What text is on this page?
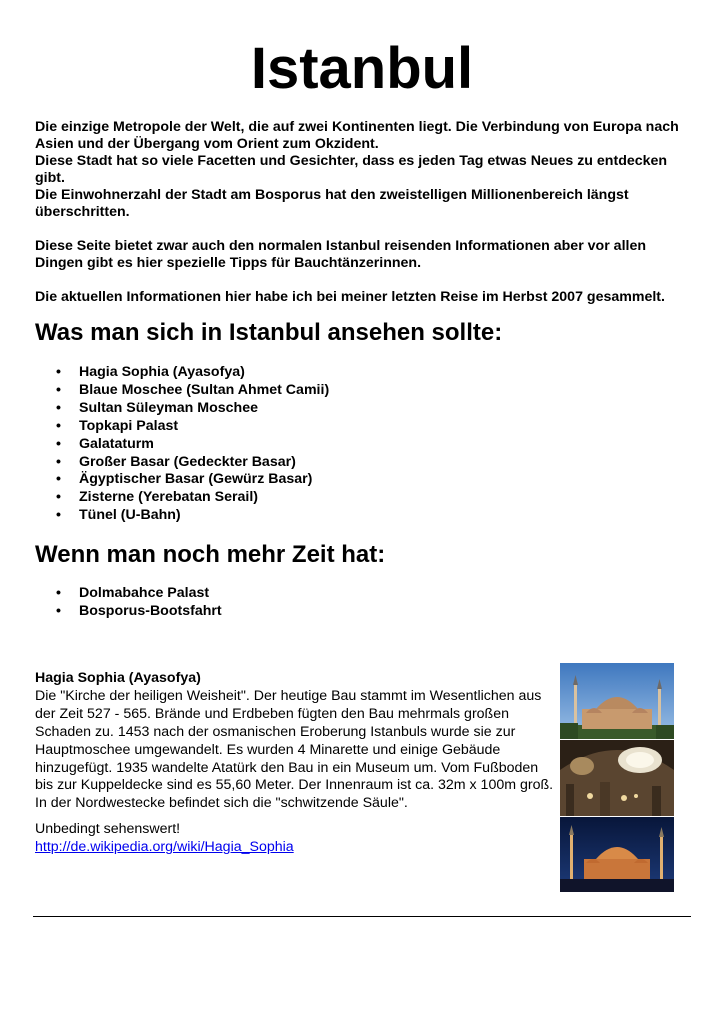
Istanbul

Die einzige Metropole der Welt, die auf zwei Kontinenten liegt. Die Verbindung von Europa nach Asien und der Übergang vom Orient zum Okzident.

Diese Stadt hat so viele Facetten und Gesichter, dass es jeden Tag etwas Neues zu entdecken gibt.

Die Einwohnerzahl der Stadt am Bosporus hat den zweistelligen Millionenbereich längst überschritten.

Diese Seite bietet zwar auch den normalen Istanbul reisenden Informationen aber vor allen Dingen gibt es hier spezielle Tipps für Bauchtänzerinnen.

Die aktuellen Informationen hier habe ich bei meiner letzten Reise im Herbst 2007 gesammelt.

Was man sich in Istanbul ansehen sollte:
• Hagia Sophia (Ayasofya)
• Blaue Moschee (Sultan Ahmet Camii)
• Sultan Süleyman Moschee
• Topkapi Palast
• Galataturm
• Großer Basar (Gedeckter Basar)
• Ägyptischer Basar (Gewürz Basar)
• Zisterne (Yerebatan Serail)
• Tünel (U-Bahn)
Wenn man noch mehr Zeit hat:
• Dolmabahce Palast
• Bosporus-Bootsfahrt

Hagia Sophia (Ayasofya)

Die "Kirche der heiligen Weisheit". Der heutige Bau stammt im Wesentlichen aus der Zeit 527 - 565. Brände und Erdbeben fügten den Bau mehrmals großen Schaden zu. 1453 nach der osmanischen Eroberung Istanbuls wurde sie zur Hauptmoschee umgewandelt. Es wurden 4 Minarette und einige Gebäude hinzugefügt. 1935 wandelte Atatürk den Bau in ein Museum um. Vom Fußboden bis zur Kuppeldecke sind es 55,60 Meter. Der Innenraum ist ca. 32m x 100m groß. In der Nordwestecke befindet sich die "schwitzende Säule".

Unbedingt sehenswert!

http://de.wikipedia.org/wiki/Hagia_Sophia
